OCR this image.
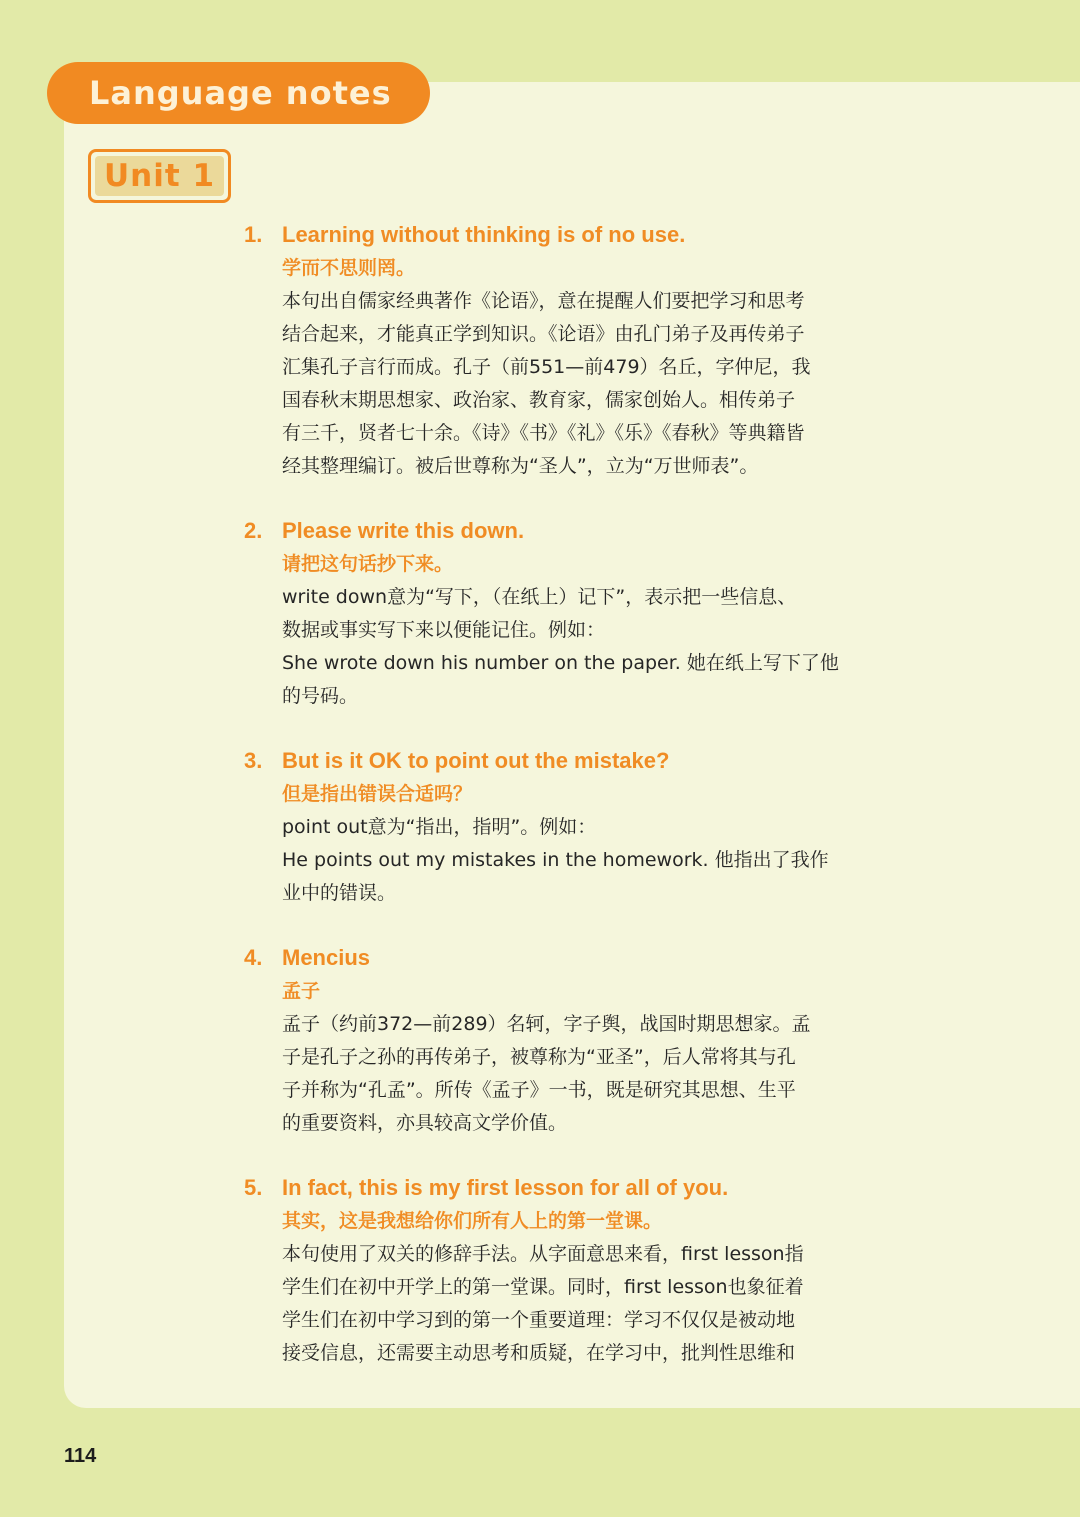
Language notes
Unit 1
1. Learning without thinking is of no use.
学而不思则罔。

本句出自儒家经典著作《论语》，意在提醒人们要把学习和思考

结合起来，才能真正学到知识。《论语》由孔门弟子及再传弟子

汇集孔子言行而成。孔子（前551—前479）名丘，字仲尼，我

国春秋末期思想家、政治家、教育家，儒家创始人。相传弟子

有三千，贤者七十余。《诗》《书》《礼》《乐》《春秋》等典籍皆

经其整理编订。被后世尊称为“圣人”，立为“万世师表”。

2. Please write this down.
请把这句话抄下来。

write down意为“写下，（在纸上）记下”，表示把一些信息、

数据或事实写下来以便能记住。例如：

She wrote down his number on the paper. 她在纸上写下了他

的号码。

3. But is it OK to point out the mistake?
但是指出错误合适吗？

point out意为“指出，指明”。例如：

He points out my mistakes in the homework. 他指出了我作

业中的错误。

4. Mencius
孟子

孟子（约前372—前289）名轲，字子舆，战国时期思想家。孟

子是孔子之孙的再传弟子，被尊称为“亚圣”，后人常将其与孔

子并称为“孔孟”。所传《孟子》一书，既是研究其思想、生平

的重要资料，亦具较高文学价值。

5. In fact, this is my first lesson for all of you.
其实，这是我想给你们所有人上的第一堂课。

本句使用了双关的修辞手法。从字面意思来看，first lesson指

学生们在初中开学上的第一堂课。同时，first lesson也象征着

学生们在初中学习到的第一个重要道理：学习不仅仅是被动地

接受信息，还需要主动思考和质疑，在学习中，批判性思维和

114
